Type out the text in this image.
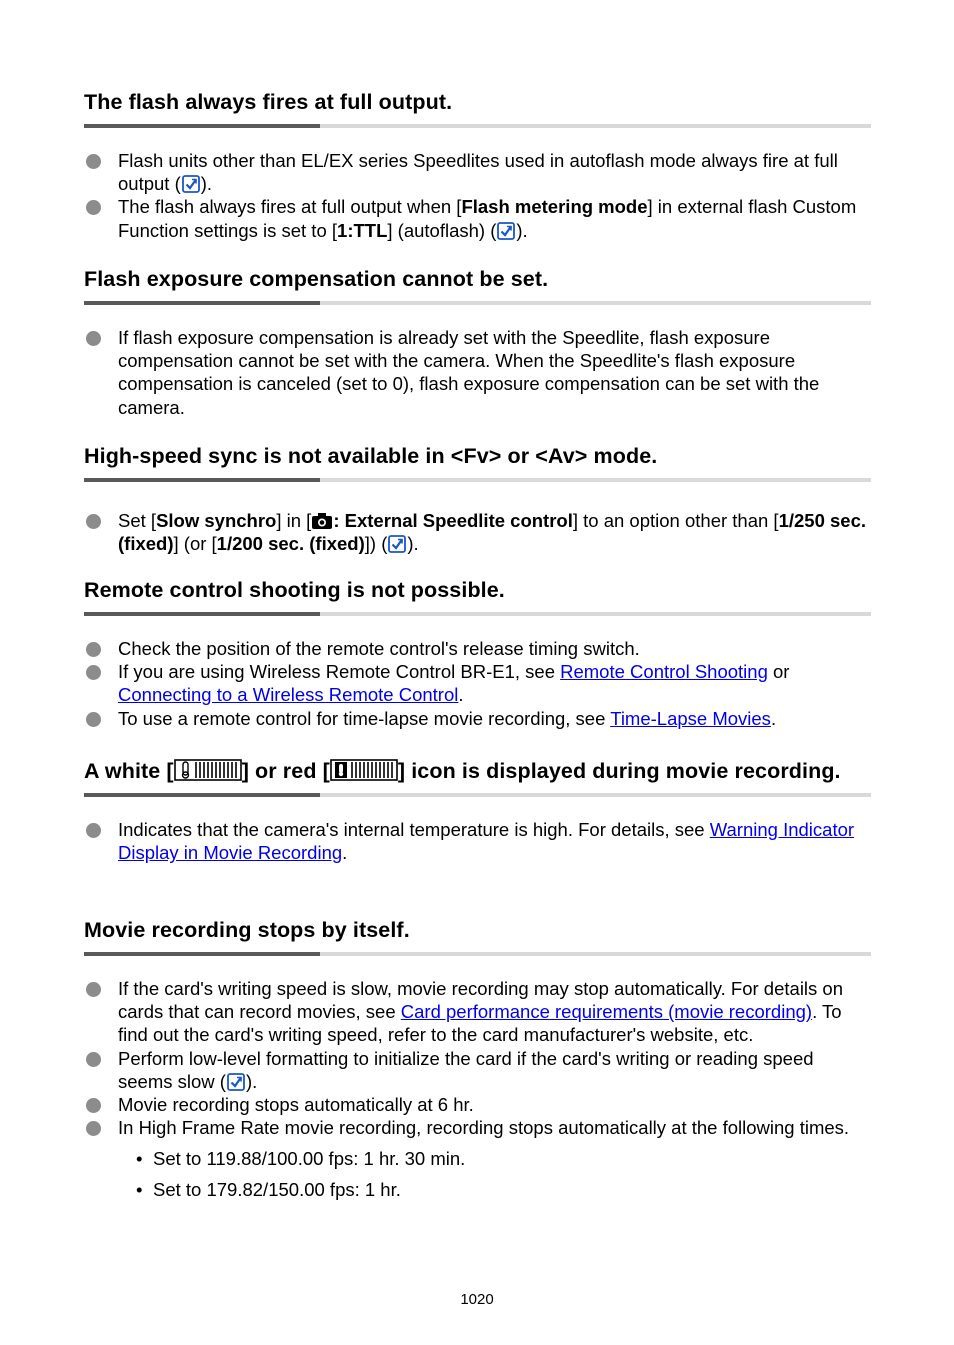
The flash always fires at full output.
Flash units other than EL/EX series Speedlites used in autoflash mode always fire at full output ( ).
The flash always fires at full output when [Flash metering mode] in external flash Custom Function settings is set to [1:TTL] (autoflash) ( ).
Flash exposure compensation cannot be set.
If flash exposure compensation is already set with the Speedlite, flash exposure compensation cannot be set with the camera. When the Speedlite's flash exposure compensation is canceled (set to 0), flash exposure compensation can be set with the camera.
High-speed sync is not available in <Fv> or <Av> mode.
Set [Slow synchro] in [ : External Speedlite control] to an option other than [1/250 sec. (fixed)] (or [1/200 sec. (fixed)]) ( ).
Remote control shooting is not possible.
Check the position of the remote control's release timing switch.
If you are using Wireless Remote Control BR-E1, see Remote Control Shooting or Connecting to a Wireless Remote Control.
To use a remote control for time-lapse movie recording, see Time-Lapse Movies.
A white [	] or red [	] icon is displayed during movie recording.
Indicates that the camera's internal temperature is high. For details, see Warning Indicator Display in Movie Recording.
Movie recording stops by itself.
If the card's writing speed is slow, movie recording may stop automatically. For details on cards that can record movies, see Card performance requirements (movie recording). To find out the card's writing speed, refer to the card manufacturer's website, etc.
Perform low-level formatting to initialize the card if the card's writing or reading speed seems slow ( ).
Movie recording stops automatically at 6 hr.
In High Frame Rate movie recording, recording stops automatically at the following times.
• Set to 119.88/100.00 fps: 1 hr. 30 min.
• Set to 179.82/150.00 fps: 1 hr.
1020
